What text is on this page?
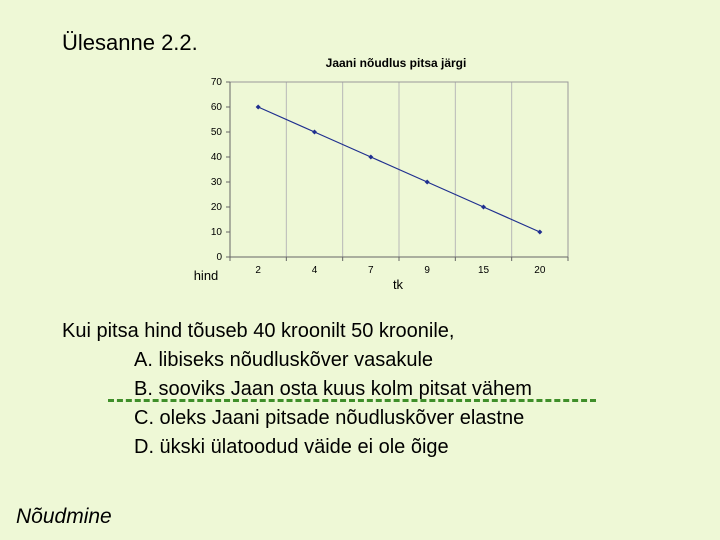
Ülesanne 2.2.
Jaani nõudlus pitsa järgi
0
10
20
30
40
50
60
70
2	4	7	9	15	20
hind
tk
Kui pitsa hind tõuseb 40 kroonilt 50 kroonile,
A. libiseks nõudluskõver vasakule
B. sooviks Jaan osta kuus kolm pitsat vähem
C. oleks Jaani pitsade nõudluskõver elastne
D. ükski ülatoodud väide ei ole õige
Nõudmine
